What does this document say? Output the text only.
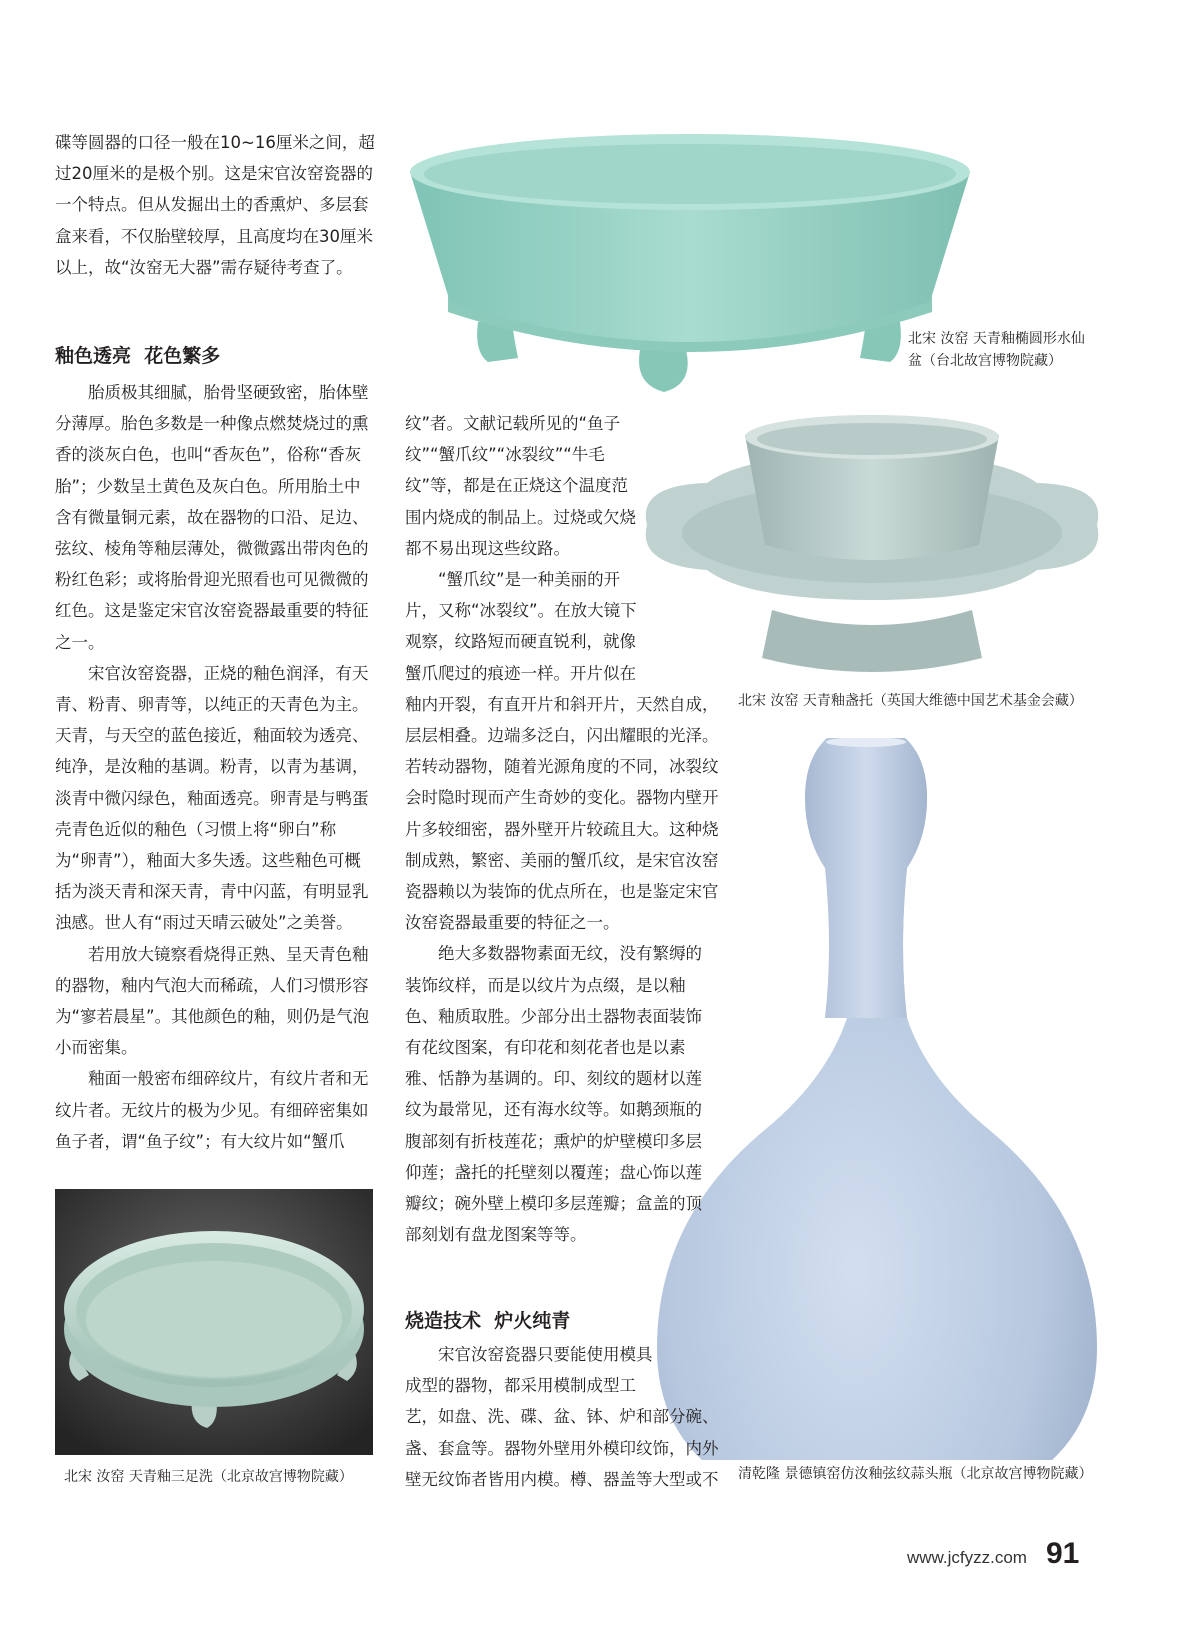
碟等圆器的口径一般在10~16厘米之间，超过20厘米的是极个别。这是宋官汝窑瓷器的一个特点。但从发掘出土的香熏炉、多层套盒来看，不仅胎壁较厚，且高度均在30厘米以上，故“汝窑无大器”需存疑待考查了。

釉色透亮  花色繁多

胎质极其细腻，胎骨坚硬致密，胎体壁分薄厚。胎色多数是一种像点燃焚烧过的熏香的淡灰白色，也叫“香灰色”，俗称“香灰胎”；少数呈土黄色及灰白色。所用胎土中含有微量铜元素，故在器物的口沿、足边、弦纹、棱角等釉层薄处，微微露出带肉色的粉红色彩；或将胎骨迎光照看也可见微微的红色。这是鉴定宋官汝窑瓷器最重要的特征之一。

宋官汝窑瓷器，正烧的釉色润泽，有天青、粉青、卵青等，以纯正的天青色为主。天青，与天空的蓝色接近，釉面较为透亮、纯净，是汝釉的基调。粉青，以青为基调，淡青中微闪绿色，釉面透亮。卵青是与鸭蛋壳青色近似的釉色（习惯上将“卵白”称为“卵青”），釉面大多失透。这些釉色可概括为淡天青和深天青，青中闪蓝，有明显乳浊感。世人有“雨过天晴云破处”之美誉。

若用放大镜察看烧得正熟、呈天青色釉的器物，釉内气泡大而稀疏，人们习惯形容为“寥若晨星”。其他颜色的釉，则仍是气泡小而密集。

釉面一般密布细碎纹片，有纹片者和无纹片者。无纹片的极为少见。有细碎密集如鱼子者，谓“鱼子纹”；有大纹片如“蟹爪

北宋 汝窑 天青釉三足洗（北京故宫博物院藏）
北宋 汝窑 天青釉椭圆形水仙盆（台北故宫博物院藏）
北宋 汝窑 天青釉盏托（英国大维德中国艺术基金会藏）
清乾隆 景德镇窑仿汝釉弦纹蒜头瓶（北京故宫博物院藏）

纹”者。文献记载所见的“鱼子纹”“蟹爪纹”“冰裂纹”“牛毛纹”等，都是在正烧这个温度范围内烧成的制品上。过烧或欠烧都不易出现这些纹路。

“蟹爪纹”是一种美丽的开片，又称“冰裂纹”。在放大镜下观察，纹路短而硬直锐利，就像蟹爪爬过的痕迹一样。开片似在釉内开裂，有直开片和斜开片，天然自成，层层相叠。边端多泛白，闪出耀眼的光泽。若转动器物，随着光源角度的不同，冰裂纹会时隐时现而产生奇妙的变化。器物内壁开片多较细密，器外壁开片较疏且大。这种烧制成熟，繁密、美丽的蟹爪纹，是宋官汝窑瓷器赖以为装饰的优点所在，也是鉴定宋官汝窑瓷器最重要的特征之一。

绝大多数器物素面无纹，没有繁缛的装饰纹样，而是以纹片为点缀，是以釉色、釉质取胜。少部分出土器物表面装饰有花纹图案，有印花和刻花者也是以素雅、恬静为基调的。印、刻纹的题材以莲纹为最常见，还有海水纹等。如鹅颈瓶的腹部刻有折枝莲花；熏炉的炉壁模印多层仰莲；盏托的托壁刻以覆莲；盘心饰以莲瓣纹；碗外壁上模印多层莲瓣；盒盖的顶部刻划有盘龙图案等等。

烧造技术  炉火纯青

宋官汝窑瓷器只要能使用模具成型的器物，都采用模制成型工艺，如盘、洗、碟、盆、钵、炉和部分碗、盏、套盒等。器物外壁用外模印纹饰，内外壁无纹饰者皆用内模。樽、器盖等大型或不

www.jcfyzz.com 91
